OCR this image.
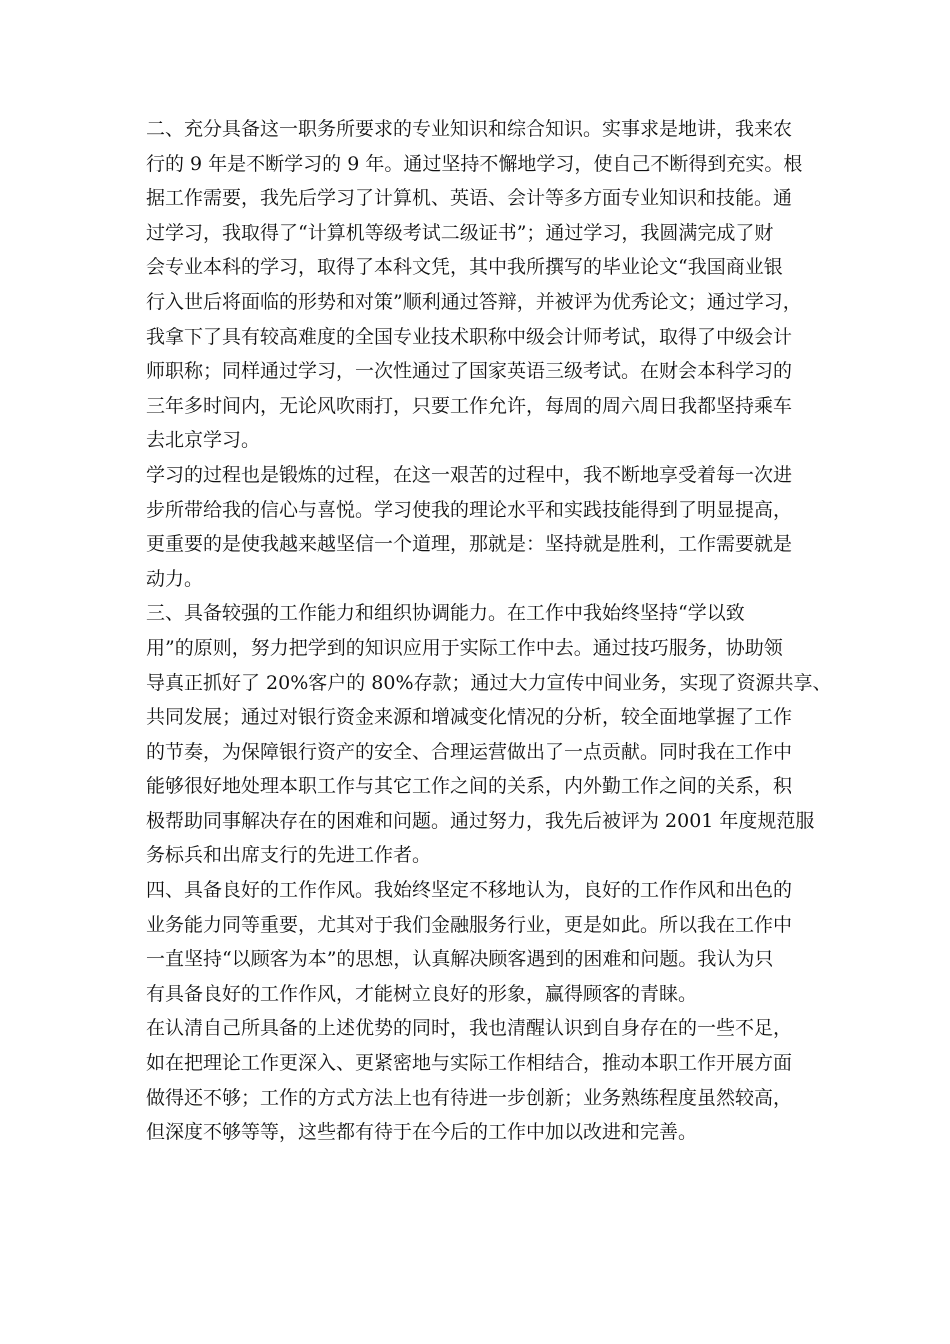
二、充分具备这一职务所要求的专业知识和综合知识。实事求是地讲，我来农
行的 9 年是不断学习的 9 年。通过坚持不懈地学习，使自己不断得到充实。根
据工作需要，我先后学习了计算机、英语、会计等多方面专业知识和技能。通
过学习，我取得了“计算机等级考试二级证书”；通过学习，我圆满完成了财
会专业本科的学习，取得了本科文凭，其中我所撰写的毕业论文“我国商业银
行入世后将面临的形势和对策”顺利通过答辩，并被评为优秀论文；通过学习，
我拿下了具有较高难度的全国专业技术职称中级会计师考试，取得了中级会计
师职称；同样通过学习，一次性通过了国家英语三级考试。在财会本科学习的
三年多时间内，无论风吹雨打，只要工作允许，每周的周六周日我都坚持乘车
去北京学习。
学习的过程也是锻炼的过程，在这一艰苦的过程中，我不断地享受着每一次进
步所带给我的信心与喜悦。学习使我的理论水平和实践技能得到了明显提高，
更重要的是使我越来越坚信一个道理，那就是：坚持就是胜利，工作需要就是
动力。
三、具备较强的工作能力和组织协调能力。在工作中我始终坚持“学以致
用”的原则，努力把学到的知识应用于实际工作中去。通过技巧服务，协助领
导真正抓好了 20%客户的 80%存款；通过大力宣传中间业务，实现了资源共享、
共同发展；通过对银行资金来源和增减变化情况的分析，较全面地掌握了工作
的节奏，为保障银行资产的安全、合理运营做出了一点贡献。同时我在工作中
能够很好地处理本职工作与其它工作之间的关系，内外勤工作之间的关系，积
极帮助同事解决存在的困难和问题。通过努力，我先后被评为 2001 年度规范服
务标兵和出席支行的先进工作者。
四、具备良好的工作作风。我始终坚定不移地认为，良好的工作作风和出色的
业务能力同等重要，尤其对于我们金融服务行业，更是如此。所以我在工作中
一直坚持“以顾客为本”的思想，认真解决顾客遇到的困难和问题。我认为只
有具备良好的工作作风，才能树立良好的形象，赢得顾客的青睐。
在认清自己所具备的上述优势的同时，我也清醒认识到自身存在的一些不足，
如在把理论工作更深入、更紧密地与实际工作相结合，推动本职工作开展方面
做得还不够；工作的方式方法上也有待进一步创新；业务熟练程度虽然较高，
但深度不够等等，这些都有待于在今后的工作中加以改进和完善。
